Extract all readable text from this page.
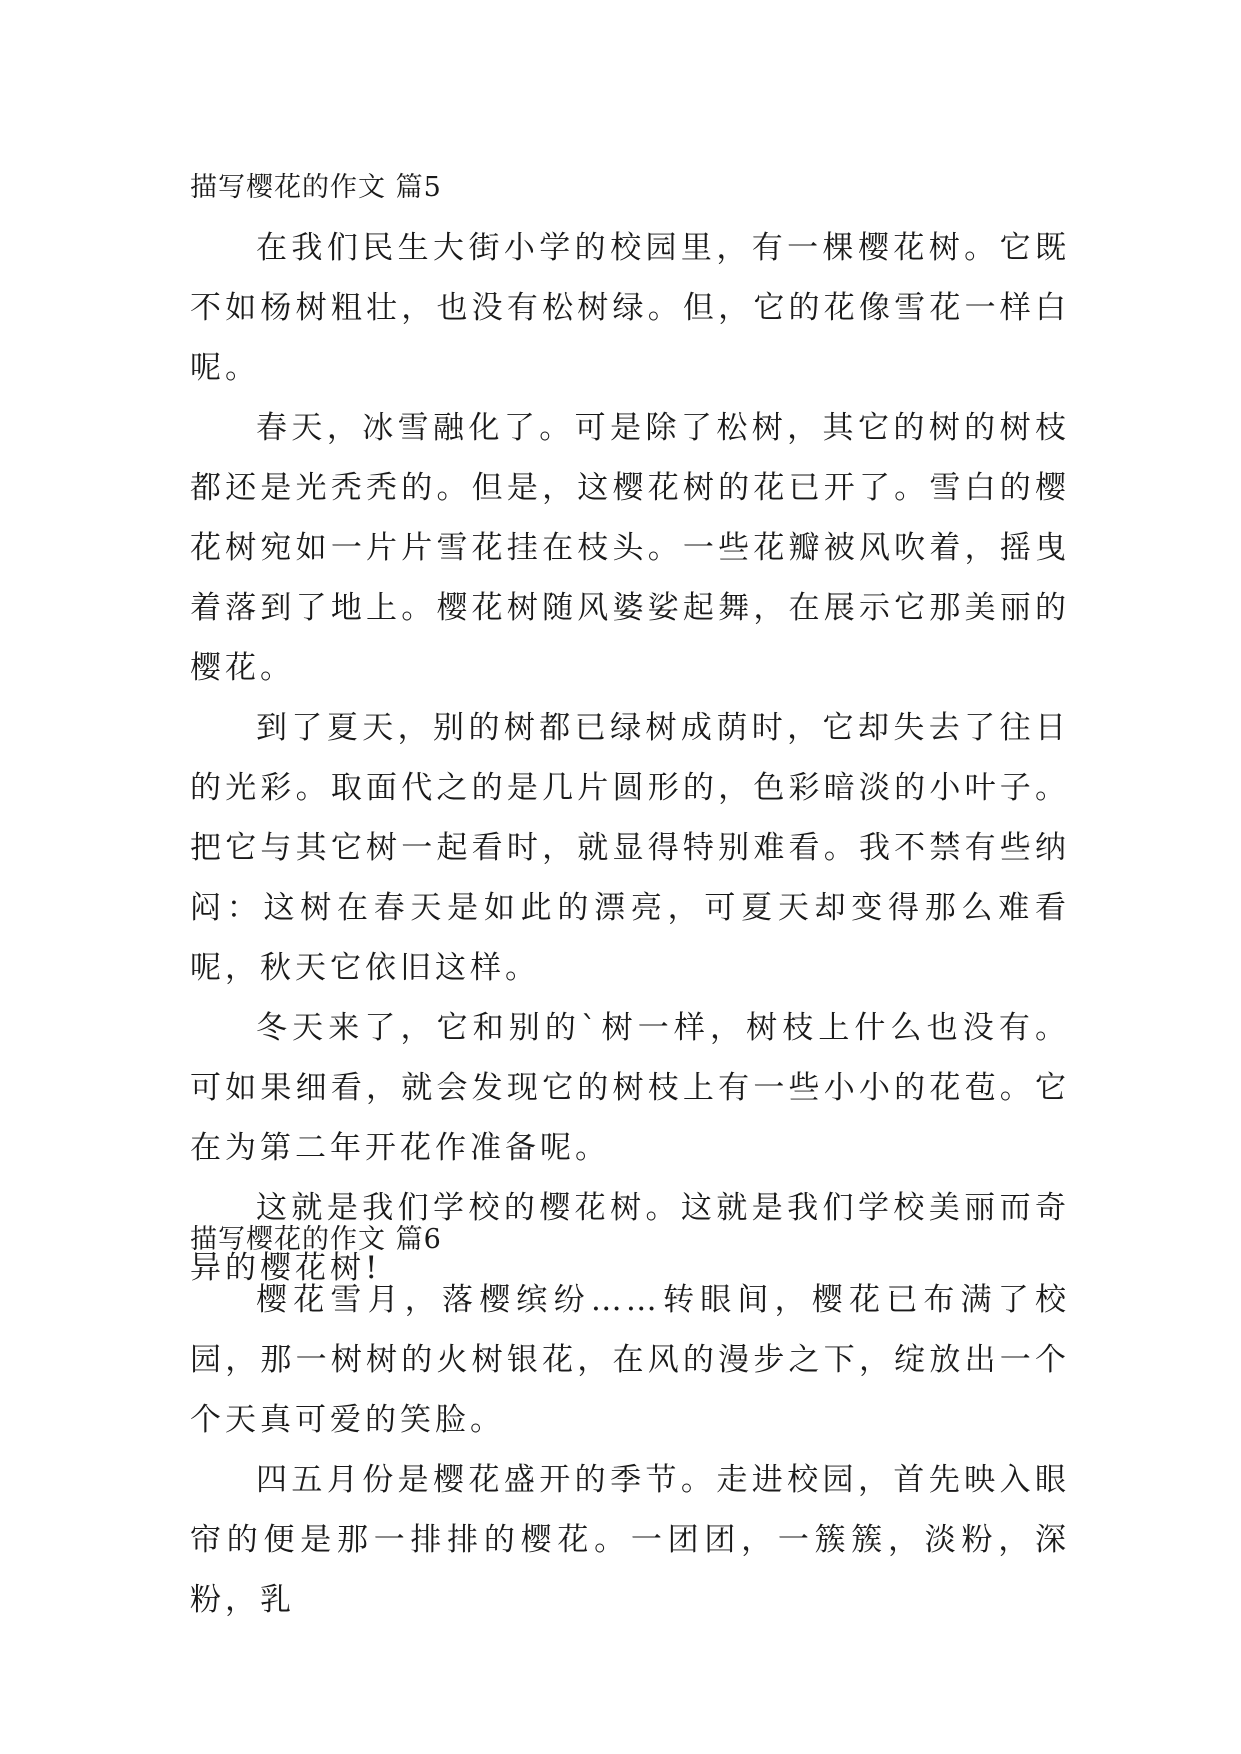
描写樱花的作文 篇5

在我们民生大街小学的校园里，有一棵樱花树。它既不如杨树粗壮，也没有松树绿。但，它的花像雪花一样白呢。

春天，冰雪融化了。可是除了松树，其它的树的树枝都还是光秃秃的。但是，这樱花树的花已开了。雪白的樱花树宛如一片片雪花挂在枝头。一些花瓣被风吹着，摇曳着落到了地上。樱花树随风婆娑起舞，在展示它那美丽的樱花。

到了夏天，别的树都已绿树成荫时，它却失去了往日的光彩。取面代之的是几片圆形的，色彩暗淡的小叶子。把它与其它树一起看时，就显得特别难看。我不禁有些纳闷：这树在春天是如此的漂亮，可夏天却变得那么难看呢，秋天它依旧这样。

冬天来了，它和别的`树一样，树枝上什么也没有。可如果细看，就会发现它的树枝上有一些小小的花苞。它在为第二年开花作准备呢。

这就是我们学校的樱花树。这就是我们学校美丽而奇异的樱花树!

描写樱花的作文 篇6

樱花雪月，落樱缤纷……转眼间，樱花已布满了校园，那一树树的火树银花，在风的漫步之下，绽放出一个个天真可爱的笑脸。

四五月份是樱花盛开的季节。走进校园，首先映入眼帘的便是那一排排的樱花。一团团，一簇簇，淡粉，深粉，乳
